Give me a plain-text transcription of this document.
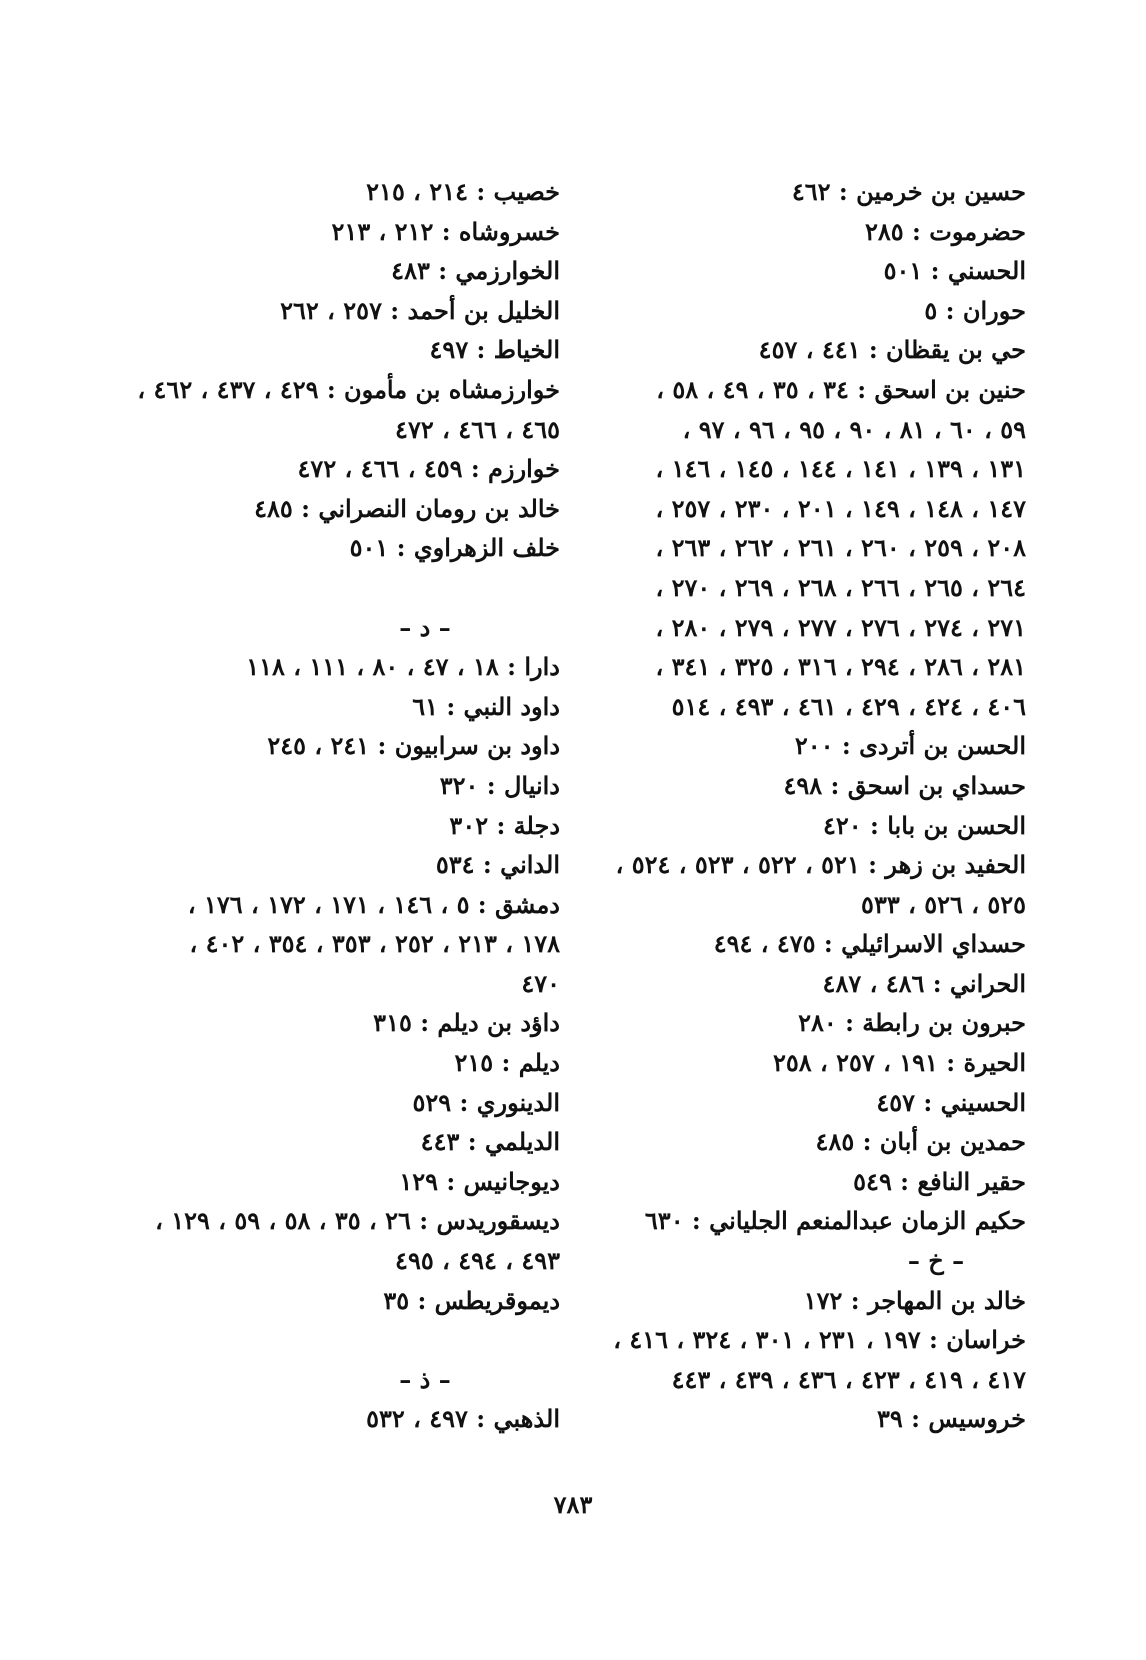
حسين بن خرمين : ٤٦٢
حضرموت : ٢٨٥
الحسني : ٥٠١
حوران : ٥
حي بن يقظان : ٤٤١ ، ٤٥٧
حنين بن اسحق : ٣٤ ، ٣٥ ، ٤٩ ، ٥٨ ،
٥٩ ، ٦٠ ، ٨١ ، ٩٠ ، ٩٥ ، ٩٦ ، ٩٧ ،
١٣١ ، ١٣٩ ، ١٤١ ، ١٤٤ ، ١٤٥ ، ١٤٦ ،
١٤٧ ، ١٤٨ ، ١٤٩ ، ٢٠١ ، ٢٣٠ ، ٢٥٧ ،
٢٠٨ ، ٢٥٩ ، ٢٦٠ ، ٢٦١ ، ٢٦٢ ، ٢٦٣ ،
٢٦٤ ، ٢٦٥ ، ٢٦٦ ، ٢٦٨ ، ٢٦٩ ، ٢٧٠ ،
٢٧١ ، ٢٧٤ ، ٢٧٦ ، ٢٧٧ ، ٢٧٩ ، ٢٨٠ ،
٢٨١ ، ٢٨٦ ، ٢٩٤ ، ٣١٦ ، ٣٢٥ ، ٣٤١ ،
٤٠٦ ، ٤٢٤ ، ٤٢٩ ، ٤٦١ ، ٤٩٣ ، ٥١٤
الحسن بن أتردى : ٢٠٠
حسداي بن اسحق : ٤٩٨
الحسن بن بابا : ٤٢٠
الحفيد بن زهر : ٥٢١ ، ٥٢٢ ، ٥٢٣ ، ٥٢٤ ،
٥٢٥ ، ٥٢٦ ، ٥٣٣
حسداي الاسرائيلي : ٤٧٥ ، ٤٩٤
الحراني : ٤٨٦ ، ٤٨٧
حبرون بن رابطة : ٢٨٠
الحيرة : ١٩١ ، ٢٥٧ ، ٢٥٨
الحسيني : ٤٥٧
حمدين بن أبان : ٤٨٥
حقير النافع : ٥٤٩
حكيم الزمان عبدالمنعم الجلياني : ٦٣٠
– خ –
خالد بن المهاجر : ١٧٢
خراسان : ١٩٧ ، ٢٣١ ، ٣٠١ ، ٣٢٤ ، ٤١٦ ،
٤١٧ ، ٤١٩ ، ٤٢٣ ، ٤٣٦ ، ٤٣٩ ، ٤٤٣
خروسيس : ٣٩
خصيب : ٢١٤ ، ٢١٥
خسروشاه : ٢١٢ ، ٢١٣
الخوارزمي : ٤٨٣
الخليل بن أحمد : ٢٥٧ ، ٢٦٢
الخياط : ٤٩٧
خوارزمشاه بن مأمون : ٤٢٩ ، ٤٣٧ ، ٤٦٢ ،
٤٦٥ ، ٤٦٦ ، ٤٧٢
خوارزم : ٤٥٩ ، ٤٦٦ ، ٤٧٢
خالد بن رومان النصراني : ٤٨٥
خلف الزهراوي : ٥٠١
– د –
دارا : ١٨ ، ٤٧ ، ٨٠ ، ١١١ ، ١١٨
داود النبي : ٦١
داود بن سرابيون : ٢٤١ ، ٢٤٥
دانيال : ٣٢٠
دجلة : ٣٠٢
الداني : ٥٣٤
دمشق : ٥ ، ١٤٦ ، ١٧١ ، ١٧٢ ، ١٧٦ ،
١٧٨ ، ٢١٣ ، ٢٥٢ ، ٣٥٣ ، ٣٥٤ ، ٤٠٢ ،
٤٧٠
داؤد بن ديلم : ٣١٥
ديلم : ٢١٥
الدينوري : ٥٢٩
الديلمي : ٤٤٣
ديوجانيس : ١٢٩
ديسقوريدس : ٢٦ ، ٣٥ ، ٥٨ ، ٥٩ ، ١٢٩ ،
٤٩٣ ، ٤٩٤ ، ٤٩٥
ديموقريطس : ٣٥
– ذ –
الذهبي : ٤٩٧ ، ٥٣٢
٧٨٣
